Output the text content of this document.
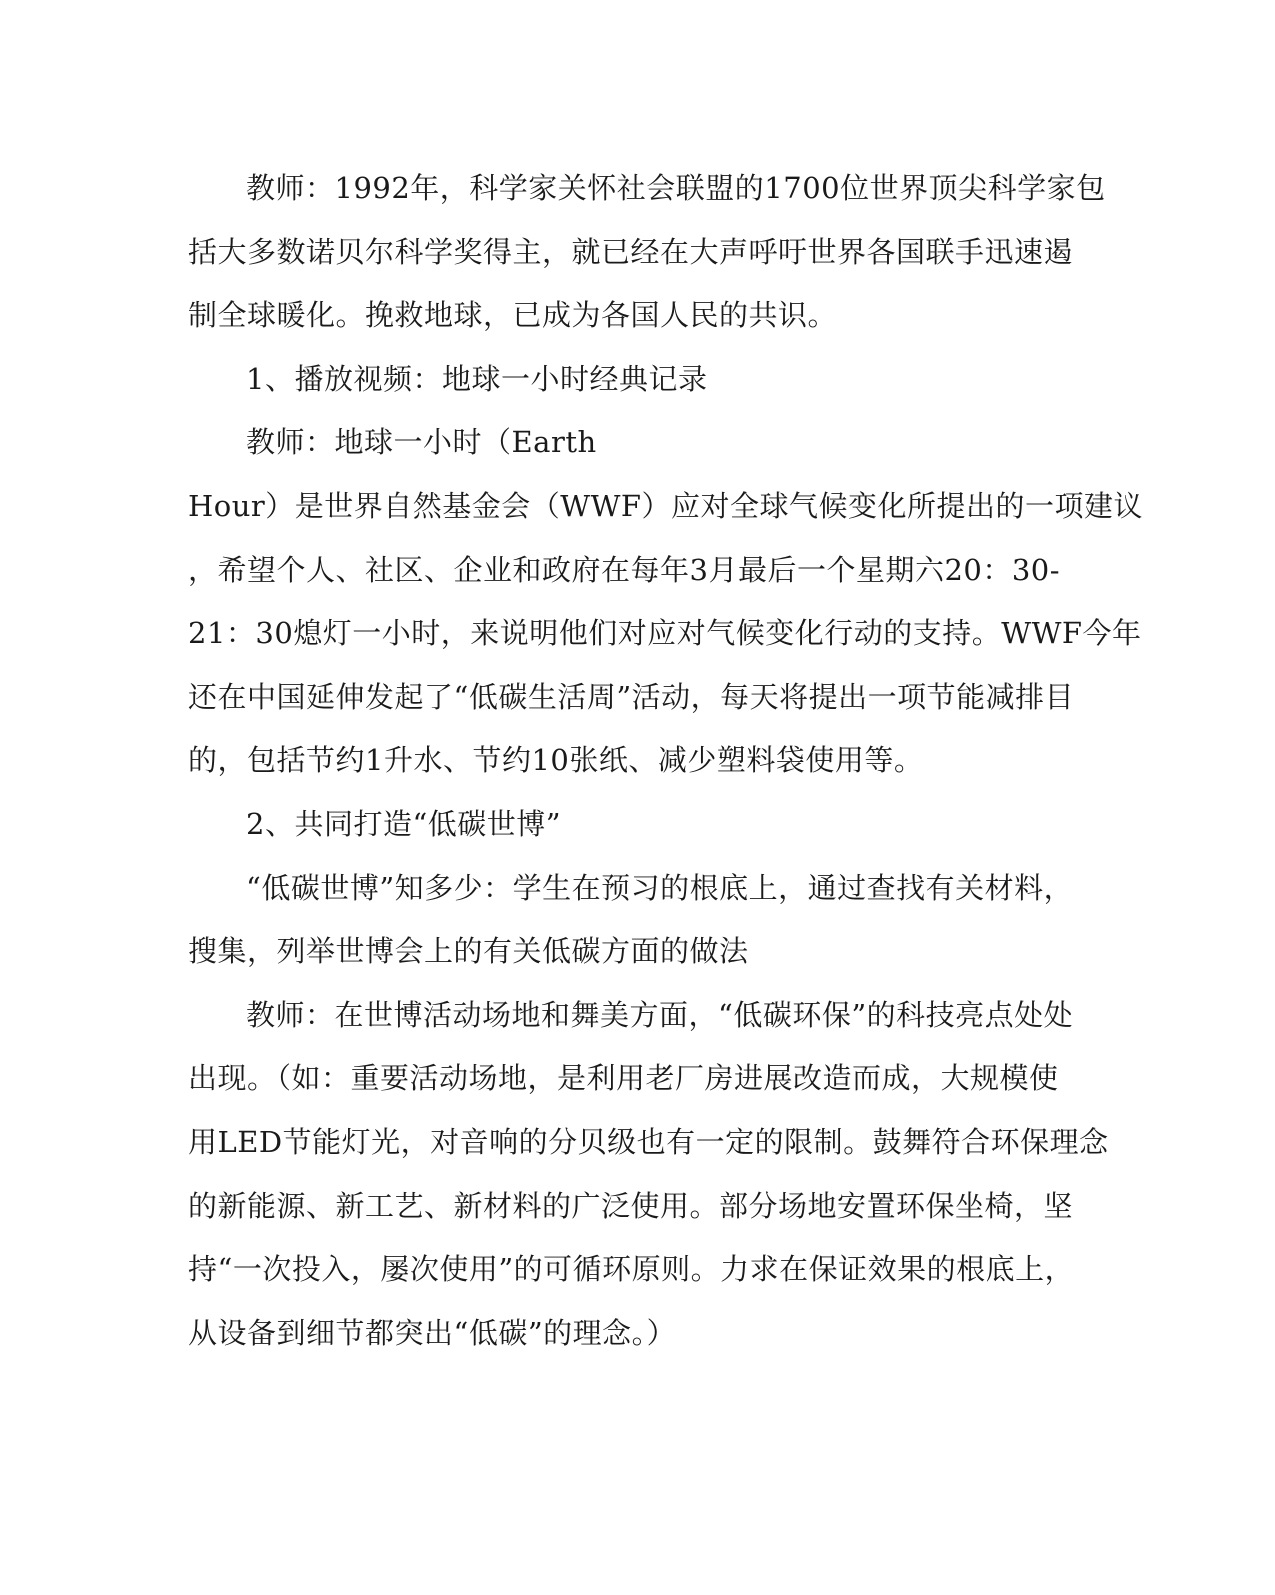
教师：1992年，科学家关怀社会联盟的1700位世界顶尖科学家包
括大多数诺贝尔科学奖得主，就已经在大声呼吁世界各国联手迅速遏
制全球暖化。挽救地球，已成为各国人民的共识。
1、播放视频：地球一小时经典记录
教师：地球一小时（Earth
Hour）是世界自然基金会（WWF）应对全球气候变化所提出的一项建议
，希望个人、社区、企业和政府在每年3月最后一个星期六20：30-
21：30熄灯一小时，来说明他们对应对气候变化行动的支持。WWF今年
还在中国延伸发起了“低碳生活周”活动，每天将提出一项节能减排目
的，包括节约1升水、节约10张纸、减少塑料袋使用等。
2、共同打造“低碳世博”
“低碳世博”知多少：学生在预习的根底上，通过查找有关材料，
搜集，列举世博会上的有关低碳方面的做法
教师：在世博活动场地和舞美方面，“低碳环保”的科技亮点处处
出现。（如：重要活动场地，是利用老厂房进展改造而成，大规模使
用LED节能灯光，对音响的分贝级也有一定的限制。鼓舞符合环保理念
的新能源、新工艺、新材料的广泛使用。部分场地安置环保坐椅，坚
持“一次投入，屡次使用”的可循环原则。力求在保证效果的根底上，
从设备到细节都突出“低碳”的理念。）
